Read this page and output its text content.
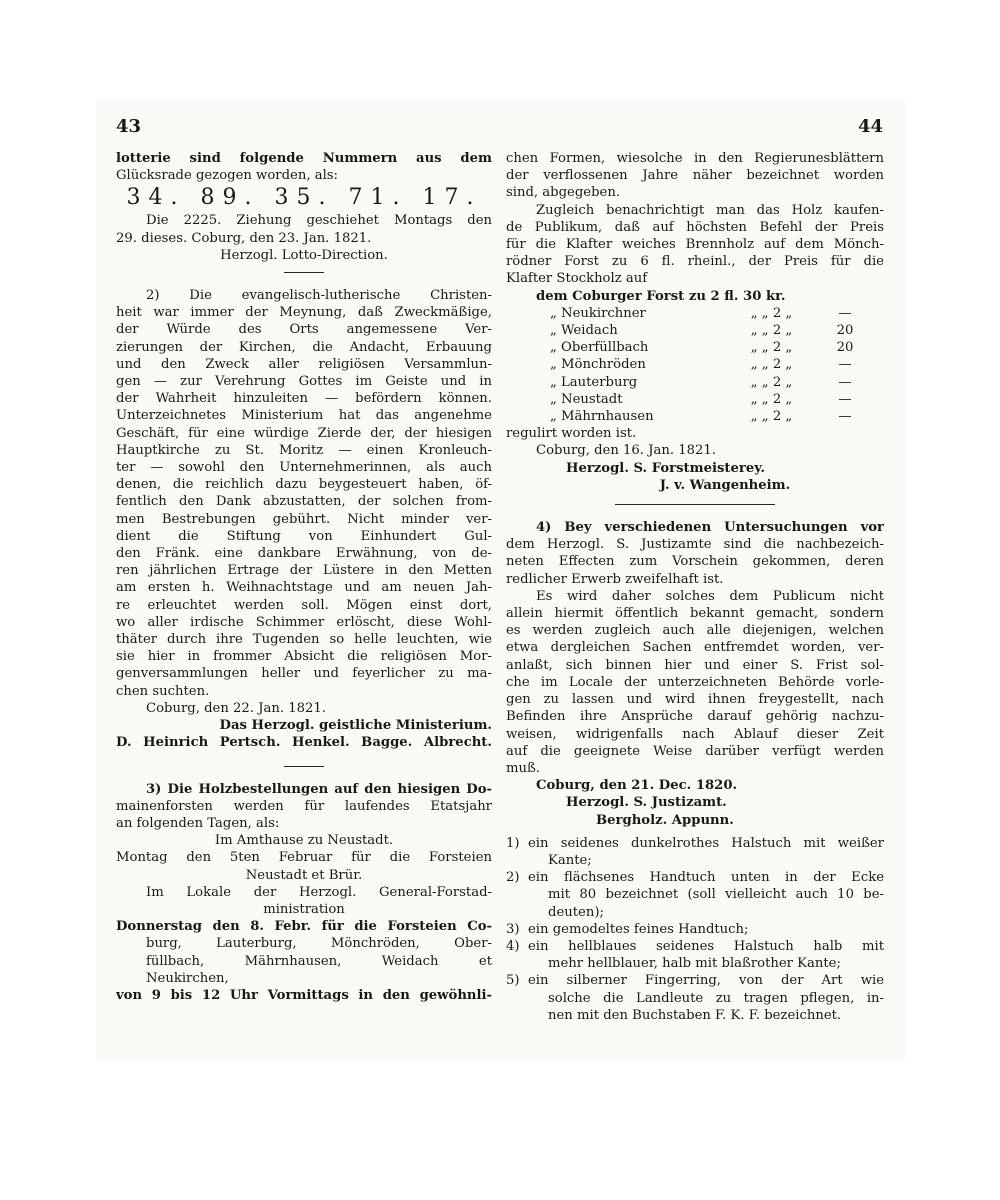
43	44
lotterie sind folgende Nummern aus dem
Glücksrade gezogen worden, als:
34. 89. 35. 71. 17.
Die 2225. Ziehung geschiehet Montags den
29. dieses. Coburg, den 23. Jan. 1821.
Herzogl. Lotto-Direction.
2) Die evangelisch-lutherische Christen-
heit war immer der Meynung, daß Zweckmäßige,
der Würde des Orts angemessene Ver-
zierungen der Kirchen, die Andacht, Erbauung
und den Zweck aller religiösen Versammlun-
gen — zur Verehrung Gottes im Geiste und in
der Wahrheit hinzuleiten — befördern können.
Unterzeichnetes Ministerium hat das angenehme
Geschäft, für eine würdige Zierde der, der hiesigen
Hauptkirche zu St. Moritz — einen Kronleuch-
ter — sowohl den Unternehmerinnen, als auch
denen, die reichlich dazu beygesteuert haben, öf-
fentlich den Dank abzustatten, der solchen from-
men Bestrebungen gebührt. Nicht minder ver-
dient die Stiftung von Einhundert Gul-
den Fränk. eine dankbare Erwähnung, von de-
ren jährlichen Ertrage der Lüstere in den Metten
am ersten h. Weihnachtstage und am neuen Jah-
re erleuchtet werden soll. Mögen einst dort,
wo aller irdische Schimmer erlöscht, diese Wohl-
thäter durch ihre Tugenden so helle leuchten, wie
sie hier in frommer Absicht die religiösen Mor-
genversammlungen heller und feyerlicher zu ma-
chen suchten.
Coburg, den 22. Jan. 1821.
Das Herzogl. geistliche Ministerium.
D. Heinrich Pertsch. Henkel. Bagge. Albrecht.
3) Die Holzbestellungen auf den hiesigen Do-
mainenforsten werden für laufendes Etatsjahr
an folgenden Tagen, als:
Im Amthause zu Neustadt.
Montag den 5ten Februar für die Forsteien
Neustadt et Brür.
Im Lokale der Herzogl. General-Forstad-
ministration
Donnerstag den 8. Febr. für die Forsteien Co-
burg, Lauterburg, Mönchröden, Ober-
füllbach, Mährnhausen, Weidach et
Neukirchen,
von 9 bis 12 Uhr Vormittags in den gewöhnli-
chen Formen, wiesolche in den Regierunesblättern
der verflossenen Jahre näher bezeichnet worden
sind, abgegeben.
Zugleich benachrichtigt man das Holz kaufen-
de Publikum, daß auf höchsten Befehl der Preis
für die Klafter weiches Brennholz auf dem Mönch-
rödner Forst zu 6 fl. rheinl., der Preis für die
Klafter Stockholz auf
dem Coburger Forst zu 2 fl. 30 kr.
„ Neukirchner	„ „ 2 „	—
„ Weidach	„ „ 2 „	20
„ Oberfüllbach	„ „ 2 „	20
„ Mönchröden	„ „ 2 „	—
„ Lauterburg	„ „ 2 „	—
„ Neustadt	„ „ 2 „	—
„ Mährnhausen	„ „ 2 „	—
regulirt worden ist.
Coburg, den 16. Jan. 1821.
Herzogl. S. Forstmeisterey.
J. v. Wangenheim.
4) Bey verschiedenen Untersuchungen vor
dem Herzogl. S. Justizamte sind die nachbezeich-
neten Effecten zum Vorschein gekommen, deren
redlicher Erwerb zweifelhaft ist.
Es wird daher solches dem Publicum nicht
allein hiermit öffentlich bekannt gemacht, sondern
es werden zugleich auch alle diejenigen, welchen
etwa dergleichen Sachen entfremdet worden, ver-
anlaßt, sich binnen hier und einer S. Frist sol-
che im Locale der unterzeichneten Behörde vorle-
gen zu lassen und wird ihnen freygestellt, nach
Befinden ihre Ansprüche darauf gehörig nachzu-
weisen, widrigenfalls nach Ablauf dieser Zeit
auf die geeignete Weise darüber verfügt werden
muß.
Coburg, den 21. Dec. 1820.
Herzogl. S. Justizamt.
Bergholz. Appunn.
1) ein seidenes dunkelrothes Halstuch mit weißer
Kante;
2) ein flächsenes Handtuch unten in der Ecke
mit 80 bezeichnet (soll vielleicht auch 10 be-
deuten);
3) ein gemodeltes feines Handtuch;
4) ein hellblaues seidenes Halstuch halb mit
mehr hellblauer, halb mit blaßrother Kante;
5) ein silberner Fingerring, von der Art wie
solche die Landleute zu tragen pflegen, in-
nen mit den Buchstaben F. K. F. bezeichnet.
